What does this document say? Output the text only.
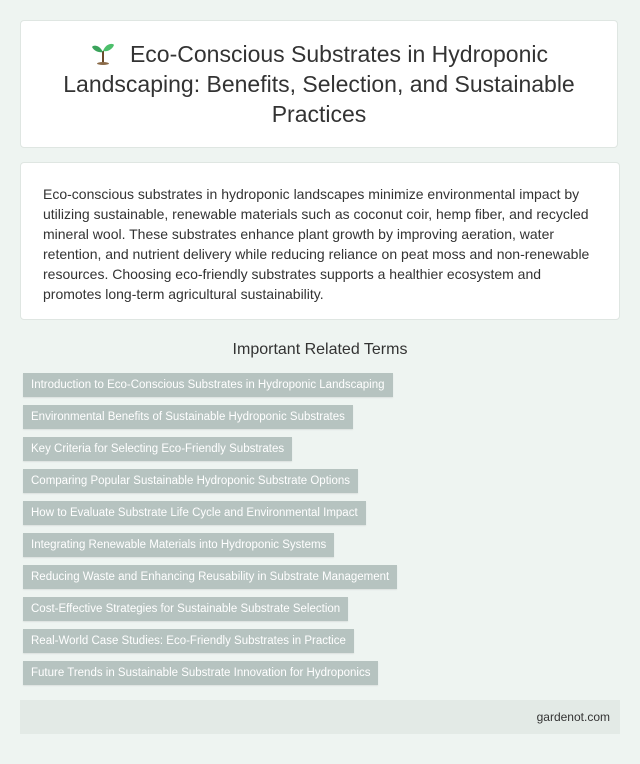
Eco-Conscious Substrates in Hydroponic Landscaping: Benefits, Selection, and Sustainable Practices

Eco-conscious substrates in hydroponic landscapes minimize environmental impact by utilizing sustainable, renewable materials such as coconut coir, hemp fiber, and recycled mineral wool. These substrates enhance plant growth by improving aeration, water retention, and nutrient delivery while reducing reliance on peat moss and non-renewable resources. Choosing eco-friendly substrates supports a healthier ecosystem and promotes long-term agricultural sustainability.

Important Related Terms
Introduction to Eco-Conscious Substrates in Hydroponic Landscaping
Environmental Benefits of Sustainable Hydroponic Substrates
Key Criteria for Selecting Eco-Friendly Substrates
Comparing Popular Sustainable Hydroponic Substrate Options
How to Evaluate Substrate Life Cycle and Environmental Impact
Integrating Renewable Materials into Hydroponic Systems
Reducing Waste and Enhancing Reusability in Substrate Management
Cost-Effective Strategies for Sustainable Substrate Selection
Real-World Case Studies: Eco-Friendly Substrates in Practice
Future Trends in Sustainable Substrate Innovation for Hydroponics
gardenot.com
